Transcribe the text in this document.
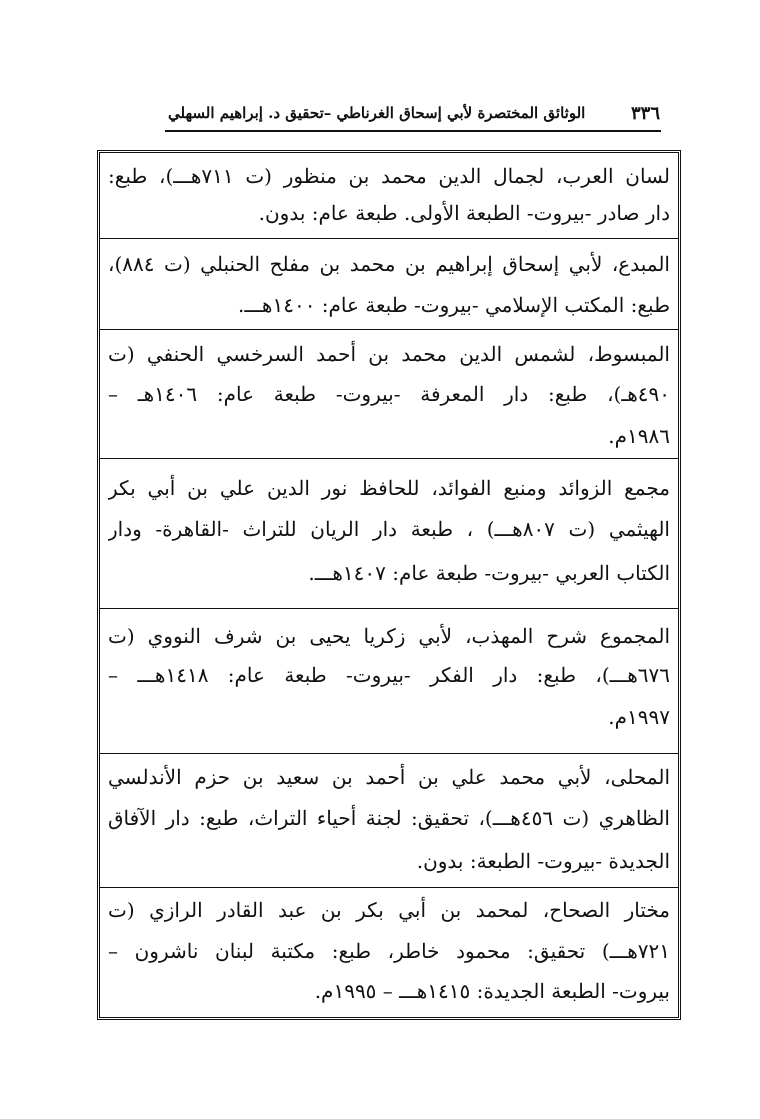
٣٣٦
الوثائق المختصرة لأبي إسحاق الغرناطي –تحقيق د. إبراهيم السهلي
لسان العرب، لجمال الدين محمد بن منظور (ت ٧١١هـــ)، طبع:
دار صادر -بيروت- الطبعة الأولى. طبعة عام: بدون.
المبدع، لأبي إسحاق إبراهيم بن محمد بن مفلح الحنبلي (ت ٨٨٤)،
طبع: المكتب الإسلامي -بيروت- طبعة عام: ١٤٠٠هـــ.
المبسوط، لشمس الدين محمد بن أحمد السرخسي الحنفي (ت
٤٩٠هـ)، طبع: دار المعرفة -بيروت- طبعة عام: ١٤٠٦هـ –
١٩٨٦م.
مجمع الزوائد ومنبع الفوائد، للحافظ نور الدين علي بن أبي بكر
الهيثمي (ت ٨٠٧هـــ) ، طبعة دار الريان للتراث -القاهرة- ودار
الكتاب العربي -بيروت- طبعة عام: ١٤٠٧هـــ.
المجموع شرح المهذب، لأبي زكريا يحيى بن شرف النووي (ت
٦٧٦هـــ)، طبع: دار الفكر -بيروت- طبعة عام: ١٤١٨هـــ –
١٩٩٧م.
المحلى، لأبي محمد علي بن أحمد بن سعيد بن حزم الأندلسي
الظاهري (ت ٤٥٦هـــ)، تحقيق: لجنة أحياء التراث، طبع: دار الآفاق
الجديدة -بيروت- الطبعة: بدون.
مختار الصحاح، لمحمد بن أبي بكر بن عبد القادر الرازي (ت
٧٢١هـــ) تحقيق: محمود خاطر، طبع: مكتبة لبنان ناشرون –
بيروت- الطبعة الجديدة: ١٤١٥هـــ – ١٩٩٥م.
